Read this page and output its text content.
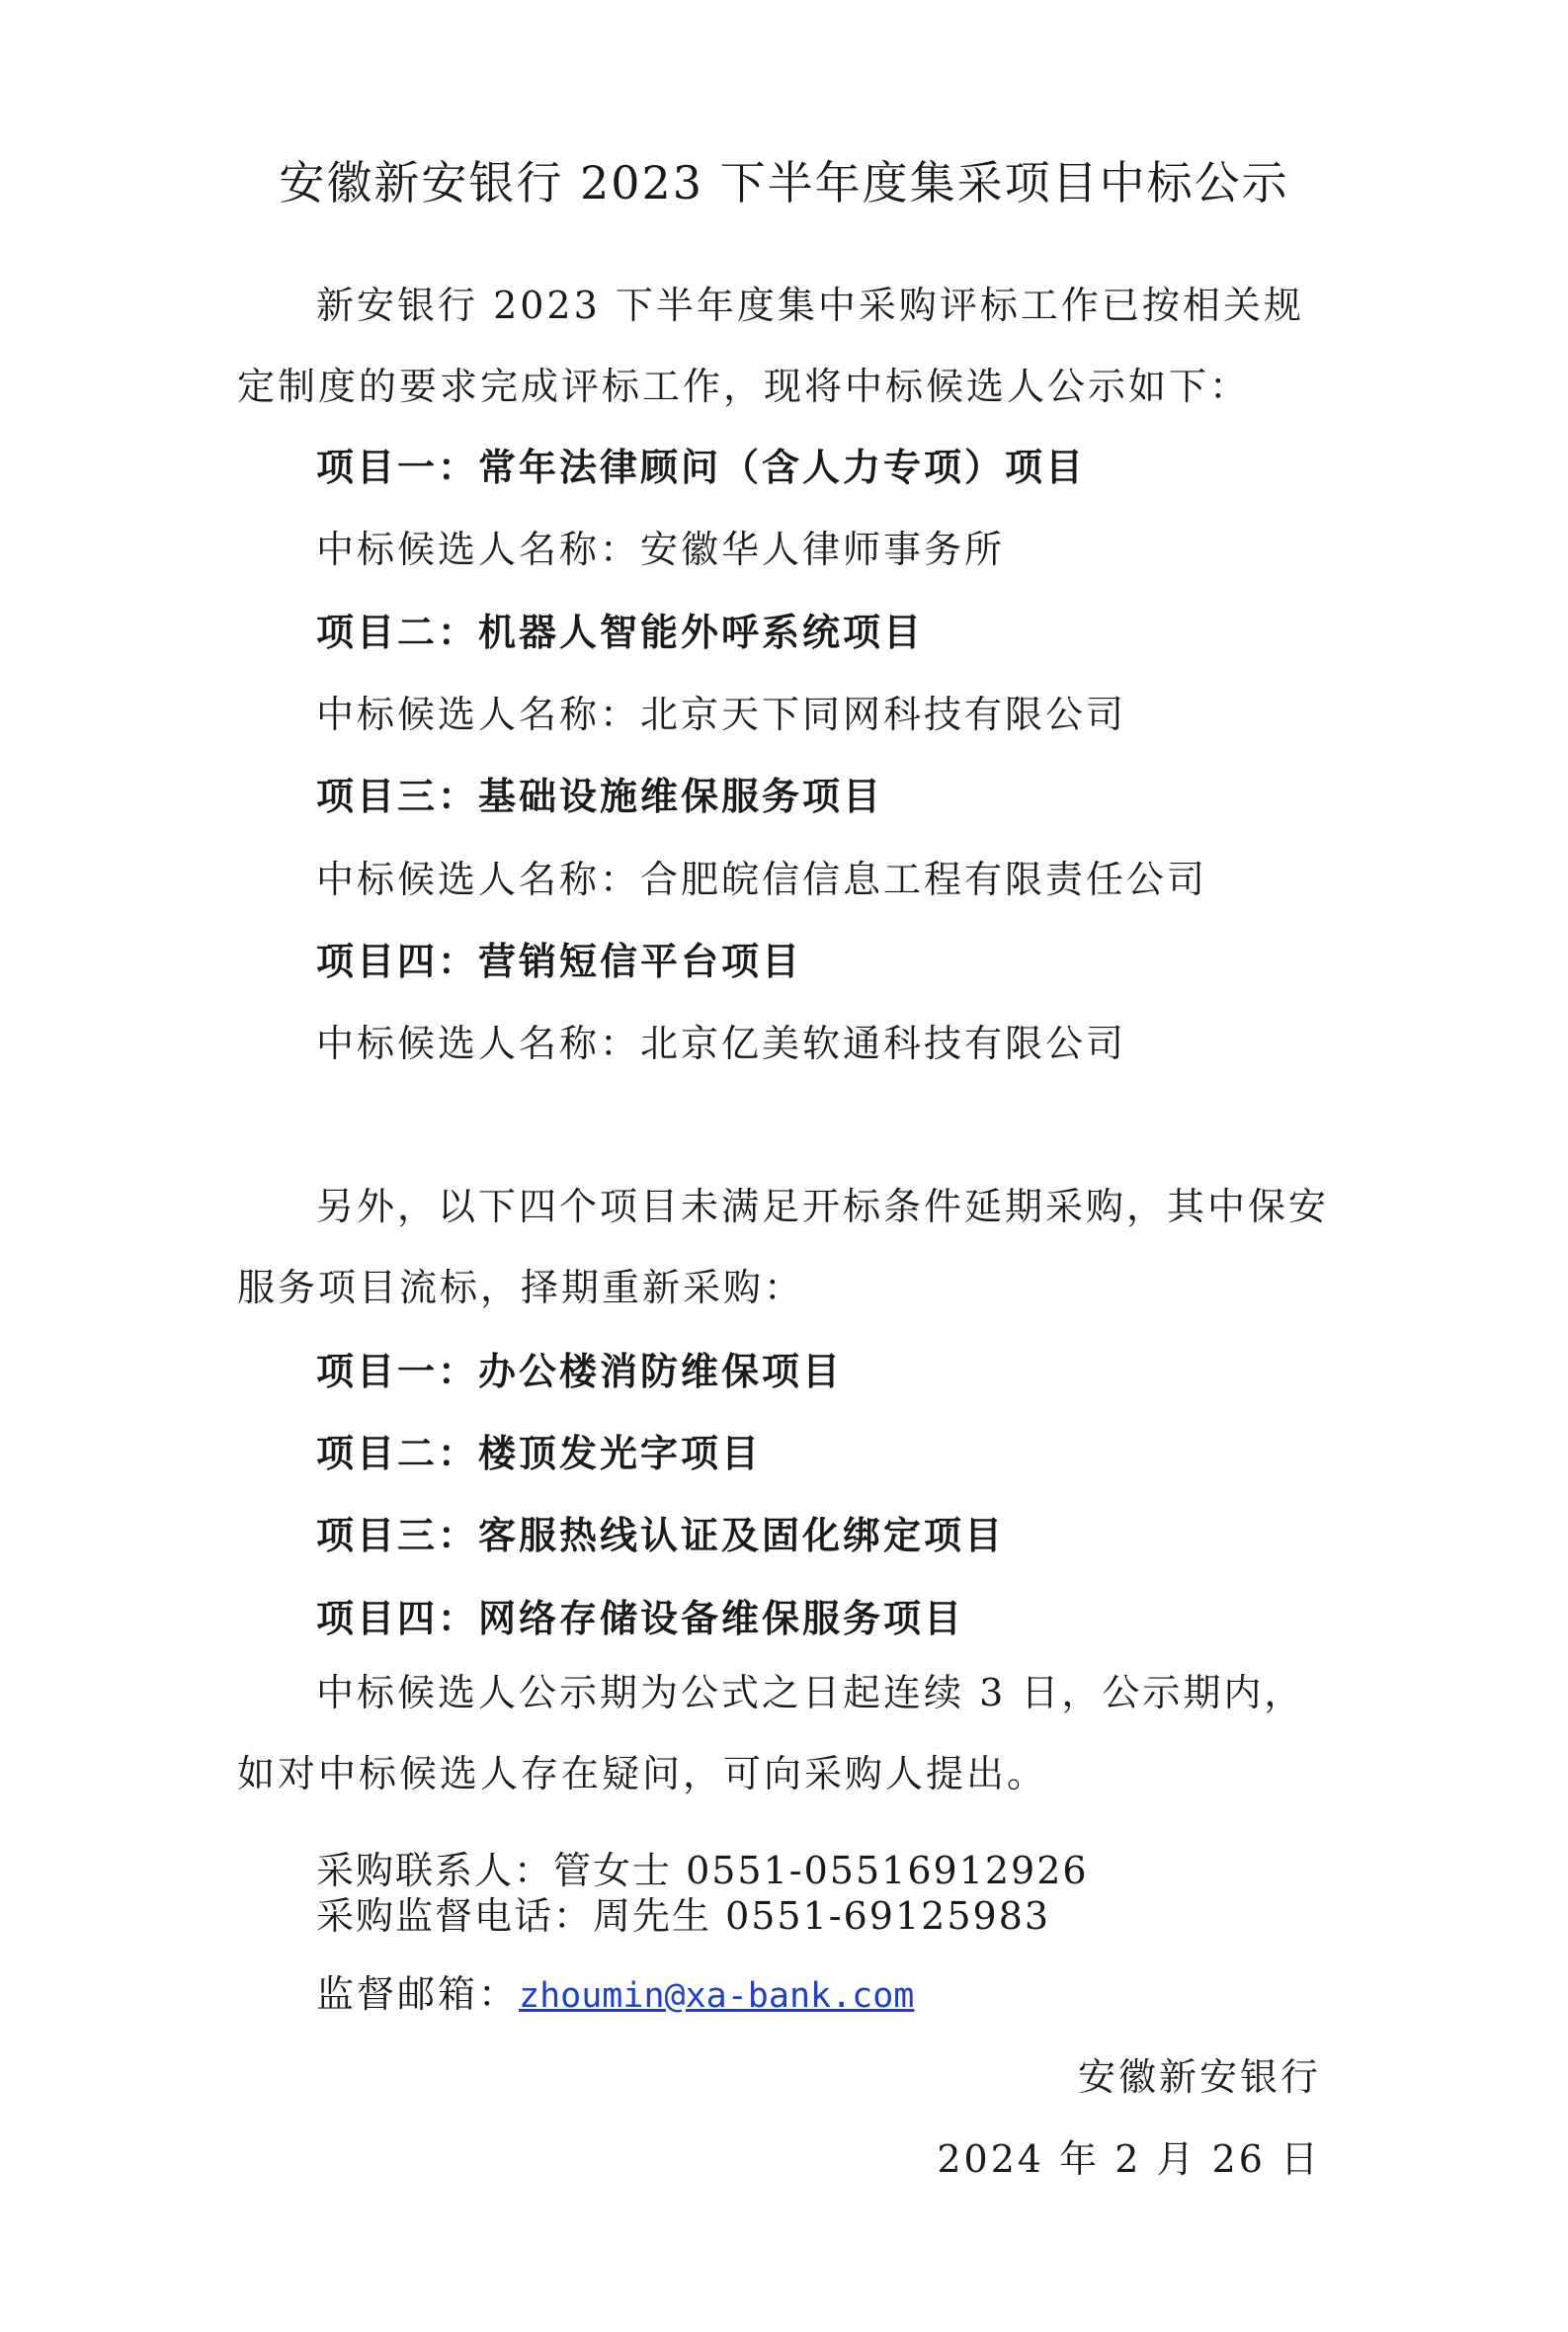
安徽新安银行 2023 下半年度集采项目中标公示

新安银行 2023 下半年度集中采购评标工作已按相关规定制度的要求完成评标工作，现将中标候选人公示如下：

项目一：常年法律顾问（含人力专项）项目
中标候选人名称：安徽华人律师事务所
项目二：机器人智能外呼系统项目
中标候选人名称：北京天下同网科技有限公司
项目三：基础设施维保服务项目
中标候选人名称：合肥皖信信息工程有限责任公司
项目四：营销短信平台项目
中标候选人名称：北京亿美软通科技有限公司

另外，以下四个项目未满足开标条件延期采购，其中保安服务项目流标，择期重新采购：

项目一：办公楼消防维保项目
项目二：楼顶发光字项目
项目三：客服热线认证及固化绑定项目
项目四：网络存储设备维保服务项目

中标候选人公示期为公式之日起连续 3 日，公示期内，如对中标候选人存在疑问，可向采购人提出。

采购联系人：管女士 0551-05516912926
采购监督电话：周先生 0551-69125983
监督邮箱：zhoumin@xa-bank.com
安徽新安银行
2024 年 2 月 26 日
